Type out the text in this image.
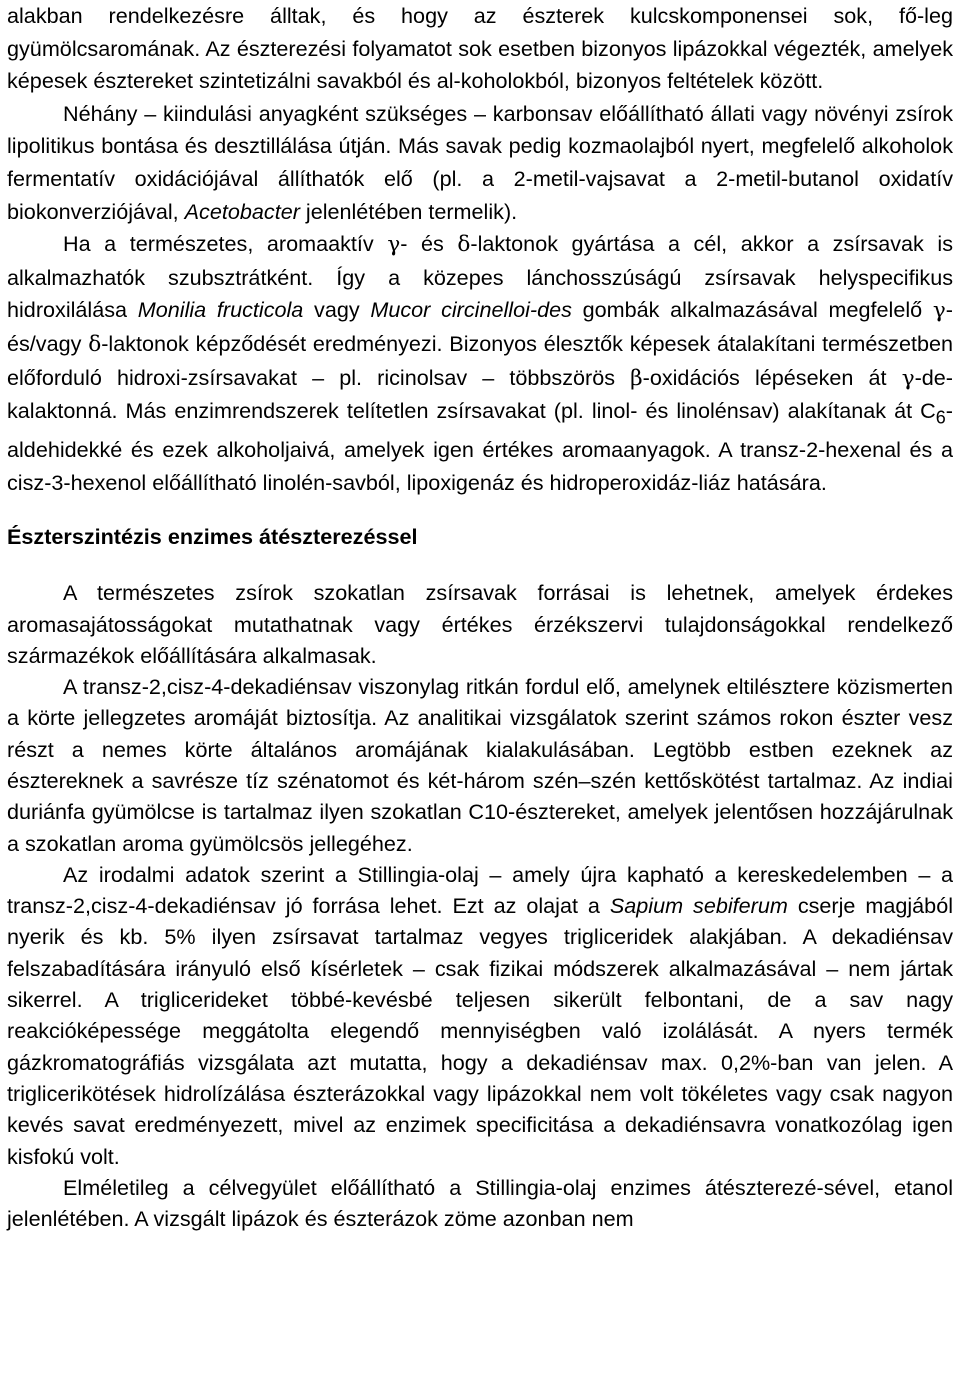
alakban rendelkezésre álltak, és hogy az észterek kulcskomponensei sok, fő-leg gyümölcsaromának. Az észterezési folyamatot sok esetben bizonyos lipázokkal végezték, amelyek képesek észtereket szintetizálni savakból és al-koholokból, bizonyos feltételek között.

Néhány – kiindulási anyagként szükséges – karbonsav előállítható állati vagy növényi zsírok lipolitikus bontása és desztillálása útján. Más savak pedig kozmaolajból nyert, megfelelő alkoholok fermentatív oxidációjával állíthatók elő (pl. a 2-metil-vajsavat a 2-metil-butanol oxidatív biokonverziójával, Acetobacter jelenlétében termelik).

Ha a természetes, aromaaktív γ- és δ-laktonok gyártása a cél, akkor a zsírsavak is alkalmazhatók szubsztrátként. Így a közepes lánchosszúságú zsírsavak helyspecifikus hidroxilálása Monilia fructicola vagy Mucor circinelloi-des gombák alkalmazásával megfelelő γ- és/vagy δ-laktonok képződését eredményezi. Bizonyos élesztők képesek átalakítani természetben előforduló hidroxi-zsírsavakat – pl. ricinolsav – többszörös β-oxidációs lépéseken át γ-de-kalaktonná. Más enzimrendszerek telítetlen zsírsavakat (pl. linol- és linolénsav) alakítanak át $C_6$-aldehidekké és ezek alkoholjaivá, amelyek igen értékes aromaanyagok. A transz-2-hexenal és a cisz-3-hexenol előállítható linolén-savból, lipoxigenáz és hidroperoxidáz-liáz hatására.

Észterszintézis enzimes átészterezéssel

A természetes zsírok szokatlan zsírsavak forrásai is lehetnek, amelyek érdekes aromasajátosságokat mutathatnak vagy értékes érzékszervi tulajdonságokkal rendelkező származékok előállítására alkalmasak.

A transz-2,cisz-4-dekadiénsav viszonylag ritkán fordul elő, amelynek eltilésztere közismerten a körte jellegzetes aromáját biztosítja. Az analitikai vizsgálatok szerint számos rokon észter vesz részt a nemes körte általános aromájának kialakulásában. Legtöbb estben ezeknek az észtereknek a savrésze tíz szénatomot és két-három szén–szén kettőskötést tartalmaz. Az indiai duriánfa gyümölcse is tartalmaz ilyen szokatlan C10-észtereket, amelyek jelentősen hozzájárulnak a szokatlan aroma gyümölcsös jellegéhez.

Az irodalmi adatok szerint a Stillingia-olaj – amely újra kapható a kereskedelemben – a transz-2,cisz-4-dekadiénsav jó forrása lehet. Ezt az olajat a Sapium sebiferum cserje magjából nyerik és kb. 5% ilyen zsírsavat tartalmaz vegyes trigliceridek alakjában. A dekadiénsav felszabadítására irányuló első kísérletek – csak fizikai módszerek alkalmazásával – nem jártak sikerrel. A triglicerideket többé-kevésbé teljesen sikerült felbontani, de a sav nagy reakcióképessége meggátolta elegendő mennyiségben való izolálását. A nyers termék gázkromatográfiás vizsgálata azt mutatta, hogy a dekadiénsav max. 0,2%-ban van jelen. A triglicerikötések hidrolízálása észterázokkal vagy lipázokkal nem volt tökéletes vagy csak nagyon kevés savat eredményezett, mivel az enzimek specificitása a dekadiénsavra vonatkozólag igen kisfokú volt.

Elméletileg a célvegyület előállítható a Stillingia-olaj enzimes átészterezé-sével, etanol jelenlétében. A vizsgált lipázok és észterázok zöme azonban nem
